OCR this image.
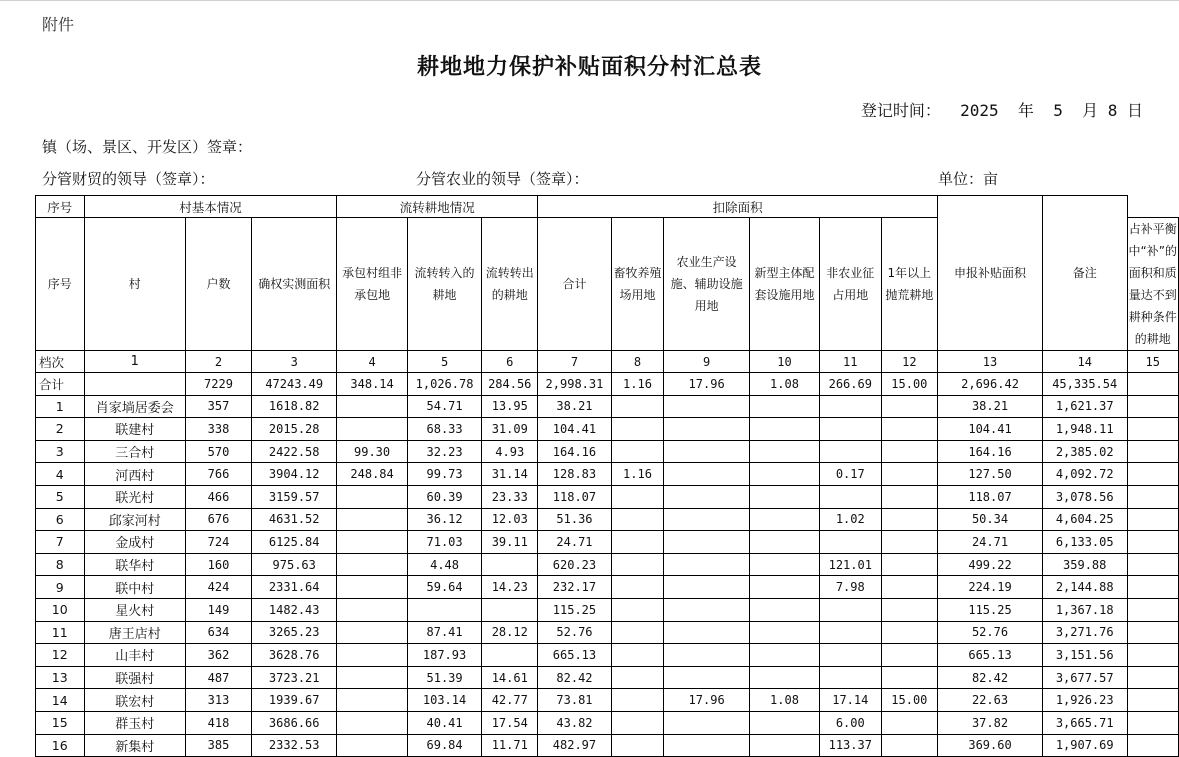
附件
耕地地力保护补贴面积分村汇总表
登记时间：  2025  年  5  月 8 日
镇（场、景区、开发区）签章：
分管财贸的领导（签章）：	分管农业的领导（签章）：	单位：亩
序号	村基本情况			流转耕地情况			扣除面积						申报补贴面积	备注	
序号	村	户数	确权实测面积	承包村组非承包地	流转转入的耕地	流转转出的耕地	合计	畜牧养殖场用地	农业生产设施、辅助设施用地	新型主体配套设施用地	非农业征占用地	1年以上抛荒耕地			占补平衡中“补”的面积和质量达不到耕种条件的耕地
档次	1	2	3	4	5	6	7	8	9	10	11	12	13	14	15
合计		7229	47243.49	348.14	1,026.78	284.56	2,998.31	1.16	17.96	1.08	266.69	15.00	2,696.42	45,335.54	
1	肖家埫居委会	357	1618.82		54.71	13.95	38.21						38.21	1,621.37	
2	联建村	338	2015.28		68.33	31.09	104.41						104.41	1,948.11	
3	三合村	570	2422.58	99.30	32.23	4.93	164.16						164.16	2,385.02	
4	河西村	766	3904.12	248.84	99.73	31.14	128.83	1.16			0.17		127.50	4,092.72	
5	联光村	466	3159.57		60.39	23.33	118.07						118.07	3,078.56	
6	邱家河村	676	4631.52		36.12	12.03	51.36				1.02		50.34	4,604.25	
7	金成村	724	6125.84		71.03	39.11	24.71						24.71	6,133.05	
8	联华村	160	975.63		4.48		620.23				121.01		499.22	359.88	
9	联中村	424	2331.64		59.64	14.23	232.17				7.98		224.19	2,144.88	
10	星火村	149	1482.43				115.25						115.25	1,367.18	
11	唐王店村	634	3265.23		87.41	28.12	52.76						52.76	3,271.76	
12	山丰村	362	3628.76		187.93		665.13						665.13	3,151.56	
13	联强村	487	3723.21		51.39	14.61	82.42						82.42	3,677.57	
14	联宏村	313	1939.67		103.14	42.77	73.81		17.96	1.08	17.14	15.00	22.63	1,926.23	
15	群玉村	418	3686.66		40.41	17.54	43.82				6.00		37.82	3,665.71	
16	新集村	385	2332.53		69.84	11.71	482.97				113.37		369.60	1,907.69	
